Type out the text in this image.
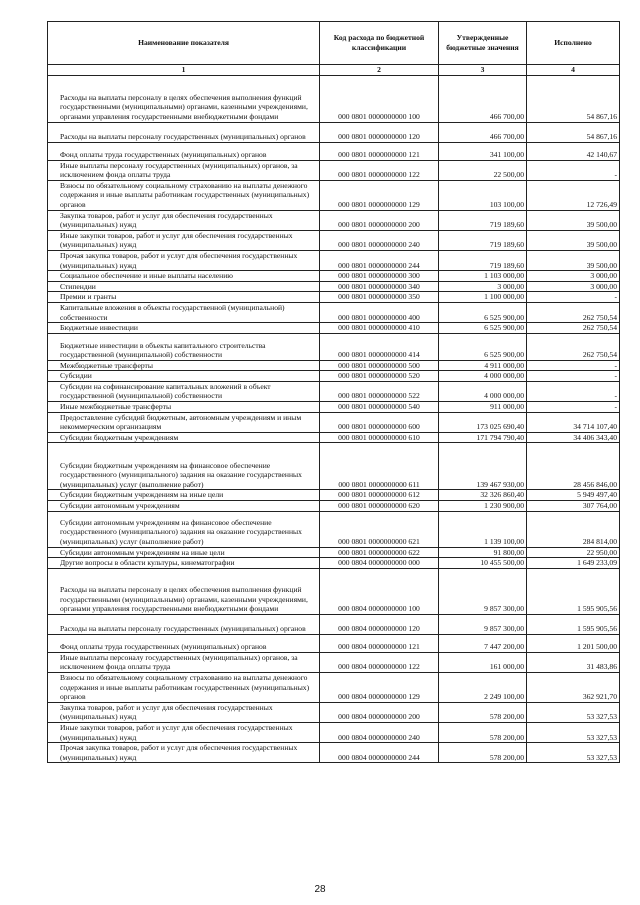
Наименование показателя	Код расхода по бюджетной классификации	Утвержденные бюджетные значения	Исполнено
1	2	3	4
Расходы на выплаты персоналу в целях обеспечения выполнения функций государственными (муниципальными) органами, казенными учреждениями, органами управления государственными внебюджетными фондами	000 0801 0000000000 100	466 700,00	54 867,16
Расходы на выплаты персоналу государственных (муниципальных) органов	000 0801 0000000000 120	466 700,00	54 867,16
Фонд оплаты труда государственных (муниципальных) органов	000 0801 0000000000 121	341 100,00	42 140,67
Иные выплаты персоналу государственных (муниципальных) органов, за исключением фонда оплаты труда	000 0801 0000000000 122	22 500,00	-
Взносы по обязательному социальному страхованию на выплаты денежного содержания и иные выплаты работникам государственных (муниципальных) органов	000 0801 0000000000 129	103 100,00	12 726,49
Закупка товаров, работ и услуг для обеспечения государственных (муниципальных) нужд	000 0801 0000000000 200	719 189,60	39 500,00
Иные закупки товаров, работ и услуг для обеспечения государственных (муниципальных) нужд	000 0801 0000000000 240	719 189,60	39 500,00
Прочая закупка товаров, работ и услуг для обеспечения государственных (муниципальных) нужд	000 0801 0000000000 244	719 189,60	39 500,00
Социальное обеспечение и иные выплаты населению	000 0801 0000000000 300	1 103 000,00	3 000,00
Стипендии	000 0801 0000000000 340	3 000,00	3 000,00
Премии и гранты	000 0801 0000000000 350	1 100 000,00	-
Капитальные вложения в объекты государственной (муниципальной) собственности	000 0801 0000000000 400	6 525 900,00	262 750,54
Бюджетные инвестиции	000 0801 0000000000 410	6 525 900,00	262 750,54
Бюджетные инвестиции в объекты капитального строительства государственной (муниципальной) собственности	000 0801 0000000000 414	6 525 900,00	262 750,54
Межбюджетные трансферты	000 0801 0000000000 500	4 911 000,00	-
Субсидии	000 0801 0000000000 520	4 000 000,00	-
Субсидии на софинансирование капитальных вложений в объект государственной (муниципальной) собственности	000 0801 0000000000 522	4 000 000,00	-
Иные межбюджетные трансферты	000 0801 0000000000 540	911 000,00	-
Предоставление субсидий бюджетным, автономным учреждениям и иным некоммерческим организациям	000 0801 0000000000 600	173 025 690,40	34 714 107,40
Субсидии бюджетным учреждениям	000 0801 0000000000 610	171 794 790,40	34 406 343,40
Субсидии бюджетным учреждениям на финансовое обеспечение государственного (муниципального) задания на оказание государственных (муниципальных) услуг (выполнение работ)	000 0801 0000000000 611	139 467 930,00	28 456 846,00
Субсидии бюджетным учреждениям на иные цели	000 0801 0000000000 612	32 326 860,40	5 949 497,40
Субсидии автономным учреждениям	000 0801 0000000000 620	1 230 900,00	307 764,00
Субсидии автономным учреждениям на финансовое обеспечение государственного (муниципального) задания на оказание государственных (муниципальных) услуг (выполнение работ)	000 0801 0000000000 621	1 139 100,00	284 814,00
Субсидии автономным учреждениям на иные цели	000 0801 0000000000 622	91 800,00	22 950,00
Другие вопросы в области культуры, кинематографии	000 0804 0000000000 000	10 455 500,00	1 649 233,09
Расходы на выплаты персоналу в целях обеспечения выполнения функций государственными (муниципальными) органами, казенными учреждениями, органами управления государственными внебюджетными фондами	000 0804 0000000000 100	9 857 300,00	1 595 905,56
Расходы на выплаты персоналу государственных (муниципальных) органов	000 0804 0000000000 120	9 857 300,00	1 595 905,56
Фонд оплаты труда государственных (муниципальных) органов	000 0804 0000000000 121	7 447 200,00	1 201 500,00
Иные выплаты персоналу государственных (муниципальных) органов, за исключением фонда оплаты труда	000 0804 0000000000 122	161 000,00	31 483,86
Взносы по обязательному социальному страхованию на выплаты денежного содержания и иные выплаты работникам государственных (муниципальных) органов	000 0804 0000000000 129	2 249 100,00	362 921,70
Закупка товаров, работ и услуг для обеспечения государственных (муниципальных) нужд	000 0804 0000000000 200	578 200,00	53 327,53
Иные закупки товаров, работ и услуг для обеспечения государственных (муниципальных) нужд	000 0804 0000000000 240	578 200,00	53 327,53
Прочая закупка товаров, работ и услуг для обеспечения государственных (муниципальных) нужд	000 0804 0000000000 244	578 200,00	53 327,53
28
